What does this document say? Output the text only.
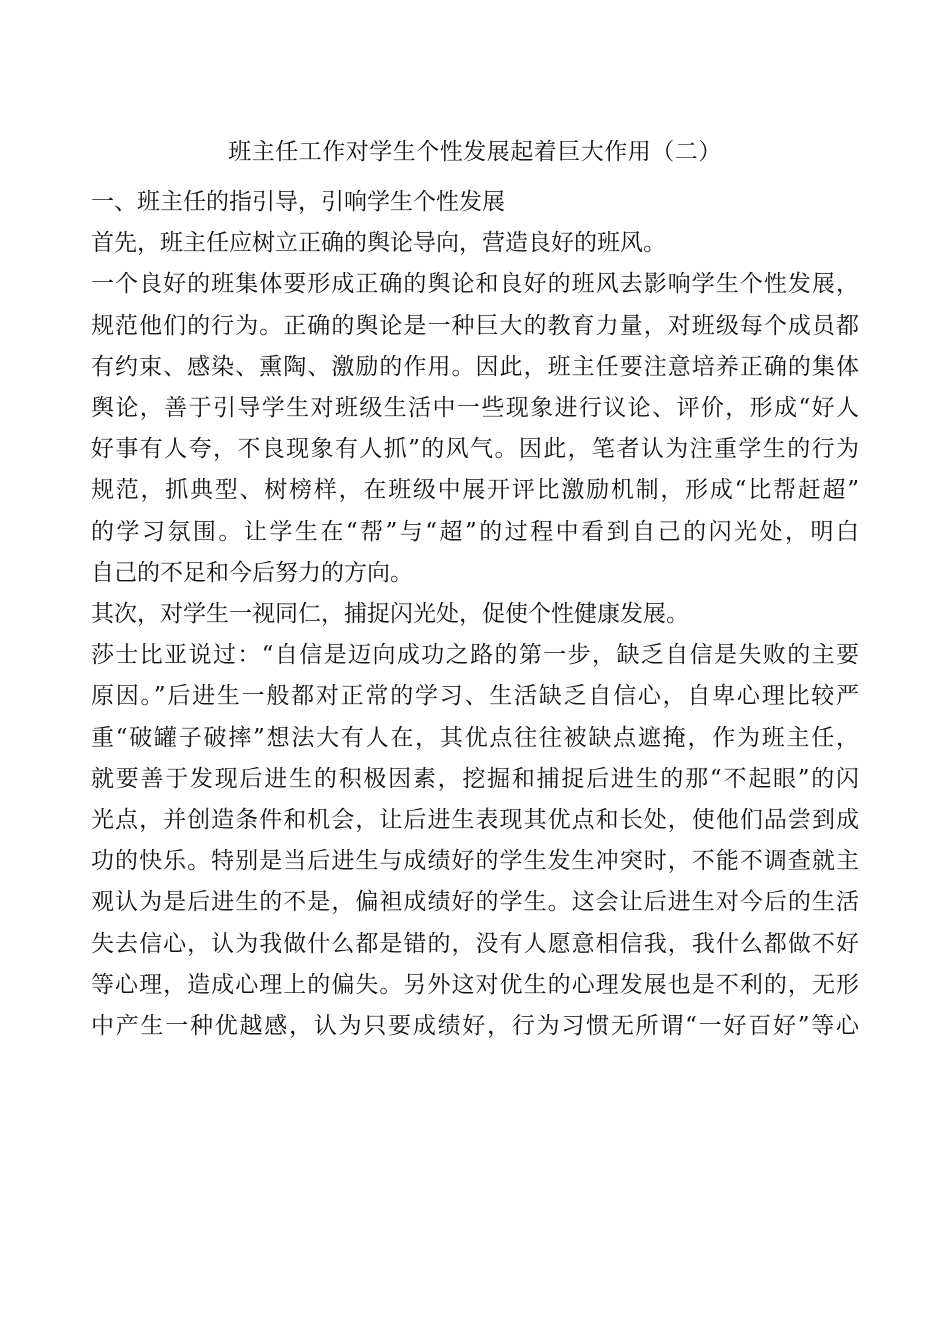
班主任工作对学生个性发展起着巨大作用（二）

一、班主任的指引导，引响学生个性发展

首先，班主任应树立正确的舆论导向，营造良好的班风。

一个良好的班集体要形成正确的舆论和良好的班风去影响学生个性发展，
规范他们的行为。正确的舆论是一种巨大的教育力量，对班级每个成员都
有约束、感染、熏陶、激励的作用。因此，班主任要注意培养正确的集体
舆论，善于引导学生对班级生活中一些现象进行议论、评价，形成“好人
好事有人夸，不良现象有人抓”的风气。因此，笔者认为注重学生的行为
规范，抓典型、树榜样，在班级中展开评比激励机制，形成“比帮赶超”
的学习氛围。让学生在“帮”与“超”的过程中看到自己的闪光处，明白
自己的不足和今后努力的方向。

其次，对学生一视同仁，捕捉闪光处，促使个性健康发展。

莎士比亚说过：“自信是迈向成功之路的第一步，缺乏自信是失败的主要
原因。”后进生一般都对正常的学习、生活缺乏自信心，自卑心理比较严
重“破罐子破摔”想法大有人在，其优点往往被缺点遮掩，作为班主任，
就要善于发现后进生的积极因素，挖掘和捕捉后进生的那“不起眼”的闪
光点，并创造条件和机会，让后进生表现其优点和长处，使他们品尝到成
功的快乐。特别是当后进生与成绩好的学生发生冲突时，不能不调查就主
观认为是后进生的不是，偏袒成绩好的学生。这会让后进生对今后的生活
失去信心，认为我做什么都是错的，没有人愿意相信我，我什么都做不好
等心理，造成心理上的偏失。另外这对优生的心理发展也是不利的，无形
中产生一种优越感，认为只要成绩好，行为习惯无所谓“一好百好”等心
